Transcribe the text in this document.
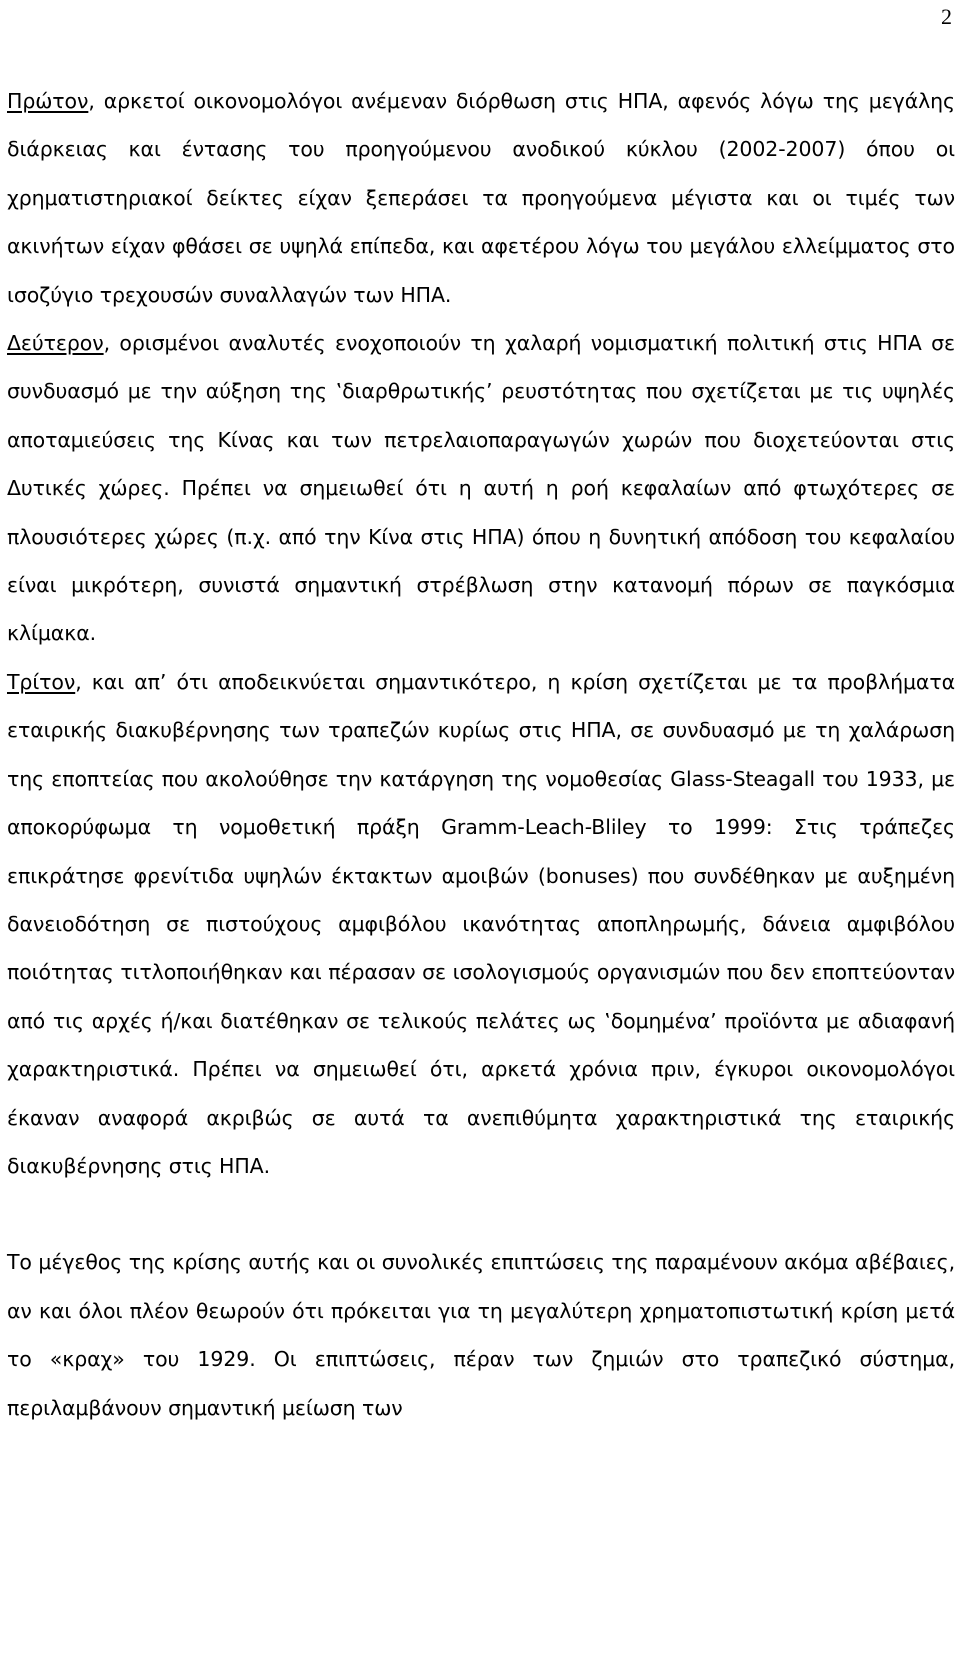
2

Πρώτον, αρκετοί οικονομολόγοι ανέμεναν διόρθωση στις ΗΠΑ, αφενός λόγω της μεγάλης διάρκειας και έντασης του προηγούμενου ανοδικού κύκλου (2002-2007) όπου οι χρηματιστηριακοί δείκτες είχαν ξεπεράσει τα προηγούμενα μέγιστα και οι τιμές των ακινήτων είχαν φθάσει σε υψηλά επίπεδα, και αφετέρου λόγω του μεγάλου ελλείμματος στο ισοζύγιο τρεχουσών συναλλαγών των ΗΠΑ.

Δεύτερον, ορισμένοι αναλυτές ενοχοποιούν τη χαλαρή νομισματική πολιτική στις ΗΠΑ σε συνδυασμό με την αύξηση της ‛διαρθρωτικής’ ρευστότητας που σχετίζεται με τις υψηλές αποταμιεύσεις της Κίνας και των πετρελαιοπαραγωγών χωρών που διοχετεύονται στις Δυτικές χώρες. Πρέπει να σημειωθεί ότι η αυτή η ροή κεφαλαίων από φτωχότερες σε πλουσιότερες χώρες (π.χ. από την Κίνα στις ΗΠΑ) όπου η δυνητική απόδοση του κεφαλαίου είναι μικρότερη, συνιστά σημαντική στρέβλωση στην κατανομή πόρων σε παγκόσμια κλίμακα.

Τρίτον, και απ’ ότι αποδεικνύεται σημαντικότερο, η κρίση σχετίζεται με τα προβλήματα εταιρικής διακυβέρνησης των τραπεζών κυρίως στις ΗΠΑ, σε συνδυασμό με τη χαλάρωση της εποπτείας που ακολούθησε την κατάργηση της νομοθεσίας Glass-Steagall του 1933, με αποκορύφωμα τη νομοθετική πράξη Gramm-Leach-Bliley το 1999: Στις τράπεζες επικράτησε φρενίτιδα υψηλών έκτακτων αμοιβών (bonuses) που συνδέθηκαν με αυξημένη δανειοδότηση σε πιστούχους αμφιβόλου ικανότητας αποπληρωμής, δάνεια αμφιβόλου ποιότητας τιτλοποιήθηκαν και πέρασαν σε ισολογισμούς οργανισμών που δεν εποπτεύονταν από τις αρχές ή/και διατέθηκαν σε τελικούς πελάτες ως ‛δομημένα’ προϊόντα με αδιαφανή χαρακτηριστικά. Πρέπει να σημειωθεί ότι, αρκετά χρόνια πριν, έγκυροι οικονομολόγοι έκαναν αναφορά ακριβώς σε αυτά τα ανεπιθύμητα χαρακτηριστικά της εταιρικής διακυβέρνησης στις ΗΠΑ.

Το μέγεθος της κρίσης αυτής και οι συνολικές επιπτώσεις της παραμένουν ακόμα αβέβαιες, αν και όλοι πλέον θεωρούν ότι πρόκειται για τη μεγαλύτερη χρηματοπιστωτική κρίση μετά το «κραχ» του 1929. Οι επιπτώσεις, πέραν των ζημιών στο τραπεζικό σύστημα, περιλαμβάνουν σημαντική μείωση των
